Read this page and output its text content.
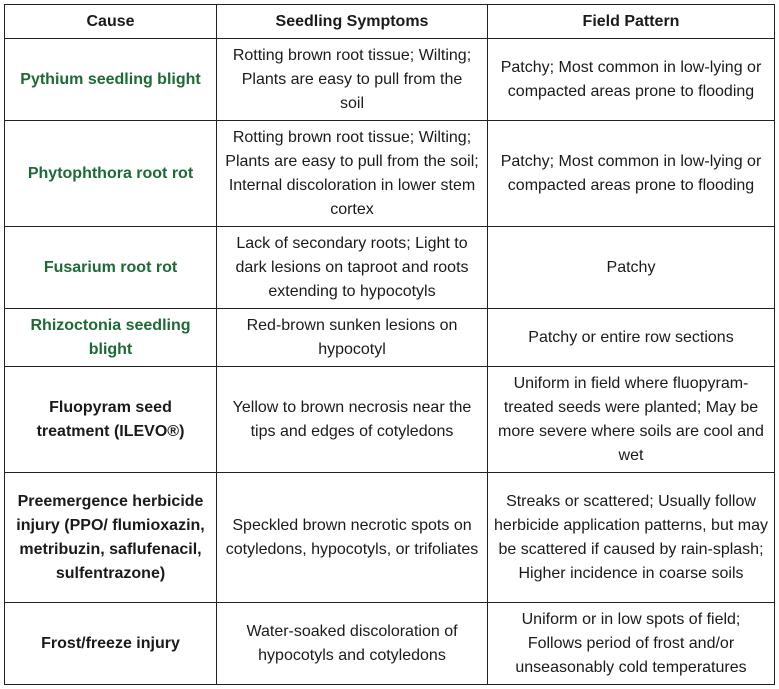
Cause	Seedling Symptoms	Field Pattern
Pythium seedling blight	Rotting brown root tissue; Wilting; Plants are easy to pull from the soil	Patchy; Most common in low-lying or compacted areas prone to flooding
Phytophthora root rot	Rotting brown root tissue; Wilting; Plants are easy to pull from the soil; Internal discoloration in lower stem cortex	Patchy; Most common in low-lying or compacted areas prone to flooding
Fusarium root rot	Lack of secondary roots; Light to dark lesions on taproot and roots extending to hypocotyls	Patchy
Rhizoctonia seedling blight	Red-brown sunken lesions on hypocotyl	Patchy or entire row sections
Fluopyram seed treatment (ILEVO®)	Yellow to brown necrosis near the tips and edges of cotyledons	Uniform in field where fluopyram-treated seeds were planted; May be more severe where soils are cool and wet
Preemergence herbicide injury (PPO/ flumioxazin, metribuzin, saflufenacil, sulfentrazone)	Speckled brown necrotic spots on cotyledons, hypocotyls, or trifoliates	Streaks or scattered; Usually follow herbicide application patterns, but may be scattered if caused by rain-splash; Higher incidence in coarse soils
Frost/freeze injury	Water-soaked discoloration of hypocotyls and cotyledons	Uniform or in low spots of field; Follows period of frost and/or unseasonably cold temperatures
